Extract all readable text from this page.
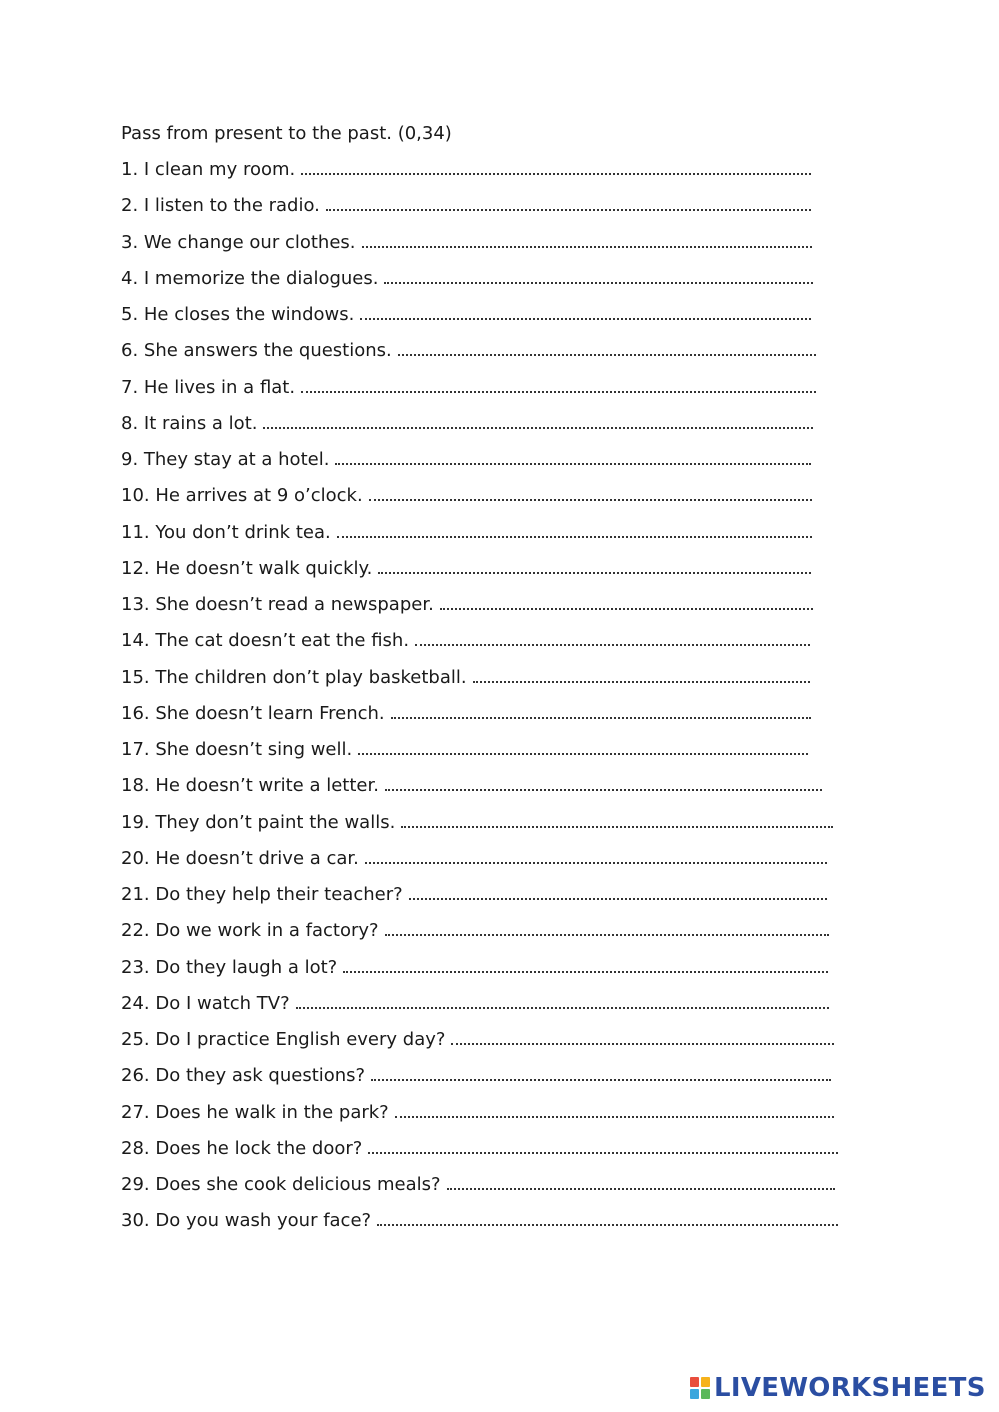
Pass from present to the past. (0,34)
1. I clean my room.
2. I listen to the radio.
3. We change our clothes.
4. I memorize the dialogues.
5. He closes the windows.
6. She answers the questions.
7. He lives in a flat.
8. It rains a lot.
9. They stay at a hotel.
10. He arrives at 9 o’clock.
11. You don’t drink tea.
12. He doesn’t walk quickly.
13. She doesn’t read a newspaper.
14. The cat doesn’t eat the fish.
15. The children don’t play basketball.
16. She doesn’t learn French.
17. She doesn’t sing well.
18. He doesn’t write a letter.
19. They don’t paint the walls.
20. He doesn’t drive a car.
21. Do they help their teacher?
22. Do we work in a factory?
23. Do they laugh a lot?
24. Do I watch TV?
25. Do I practice English every day?
26. Do they ask questions?
27. Does he walk in the park?
28. Does he lock the door?
29. Does she cook delicious meals?
30. Do you wash your face?
LIVEWORKSHEETS
